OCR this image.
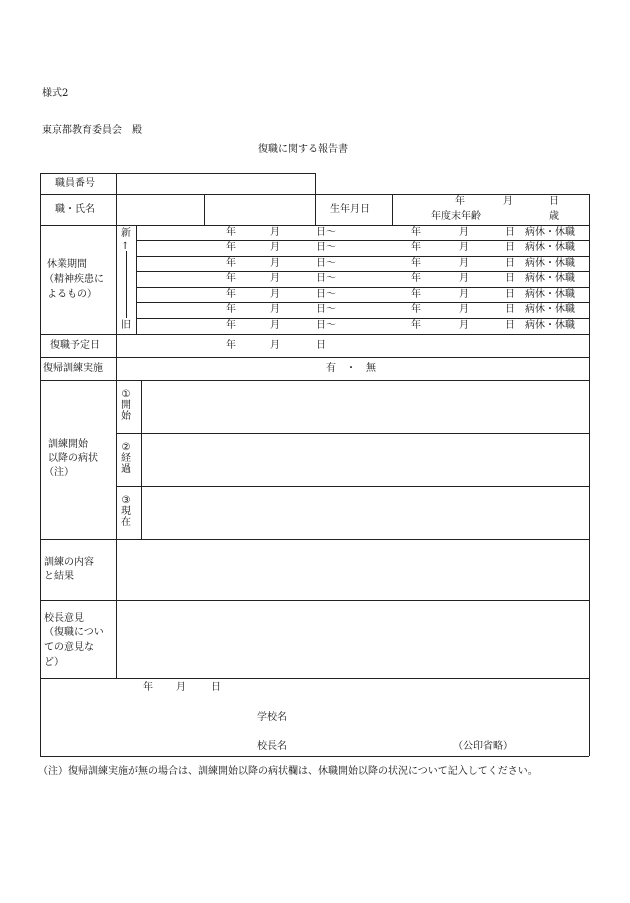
様式2
東京都教育委員会　殿
復職に関する報告書
職員番号
職・氏名	生年月日
年	月	日
年度末年齢	歳
休業期間
（精神疾患に
よるもの）
新
↑
旧
年	月	日～	年	月	日 病休・休職
年	月	日～	年	月	日 病休・休職
年	月	日～	年	月	日 病休・休職
年	月	日～	年	月	日 病休・休職
年	月	日～	年	月	日 病休・休職
年	月	日～	年	月	日 病休・休職
年	月	日～	年	月	日 病休・休職
復職予定日	年	月	日
復帰訓練実施	有　・　無
訓練開始
以降の病状
（注）
①
開
始
②
経
過
③
現
在
訓練の内容
と結果
校長意見
（復職につい
ての意見な
ど）
年 月	日
学校名
校長名	（公印省略）
（注）復帰訓練実施が無の場合は、訓練開始以降の病状欄は、休職開始以降の状況について記入してください。
